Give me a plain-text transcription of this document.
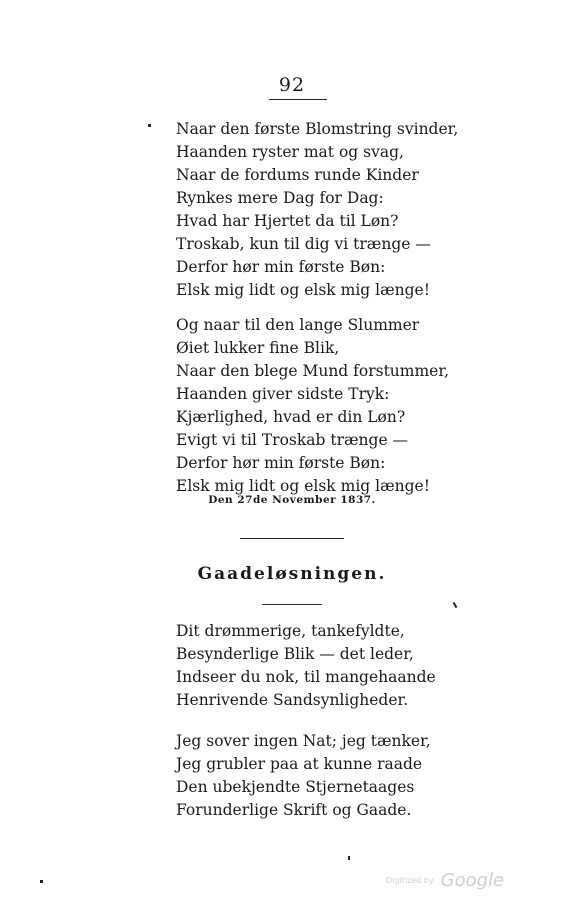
92
Naar den første Blomstring svinder,
Haanden ryster mat og svag,
Naar de fordums runde Kinder
Rynkes mere Dag for Dag:
Hvad har Hjertet da til Løn?
Troskab, kun til dig vi trænge —
Derfor hør min første Bøn:
Elsk mig lidt og elsk mig længe!
Og naar til den lange Slummer
Øiet lukker fine Blik,
Naar den blege Mund forstummer,
Haanden giver sidste Tryk:
Kjærlighed, hvad er din Løn?
Evigt vi til Troskab trænge —
Derfor hør min første Bøn:
Elsk mig lidt og elsk mig længe!
Den 27de November 1837.
Gaadeløsningen.
Dit drømmerige, tankefyldte,
Besynderlige Blik — det leder,
Indseer du nok, til mangehaande
Henrivende Sandsynligheder.
Jeg sover ingen Nat; jeg tænker,
Jeg grubler paa at kunne raade
Den ubekjendte Stjernetaages
Forunderlige Skrift og Gaade.
Digitized by Google
